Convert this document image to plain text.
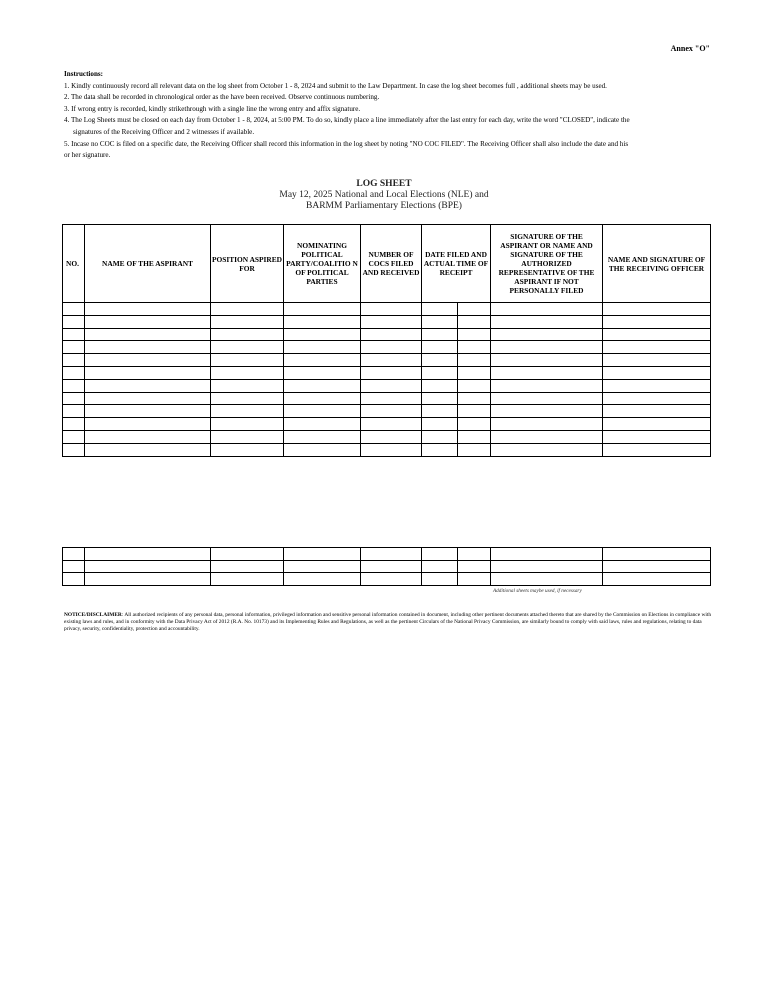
Annex "O"
Instructions:
1. Kindly continuously record all relevant data on the log sheet from October 1 - 8, 2024 and submit to the Law Department. In case the log sheet becomes full , additional sheets may be used.
2. The data shall be recorded in chronological order as the have been received. Observe continuous numbering.
3. If wrong entry is recorded, kindly strikethrough with a single line the wrong entry and affix signature.
4. The Log Sheets must be closed on each day from October 1 - 8, 2024, at 5:00 PM. To do so, kindly place a line immediately after the last entry for each day, write the word "CLOSED", indicate the
signatures of the Receiving Officer and 2 witnesses if available.
5. Incase no COC is filed on a specific date, the Receiving Officer shall record this information in the log sheet by noting "NO COC FILED". The Receiving Officer shall also include the date and his
or her signature.
LOG SHEET
May 12, 2025 National and Local Elections (NLE) and
BARMM Parliamentary Elections (BPE)
NO.	NAME OF THE ASPIRANT	POSITION ASPIRED FOR	NOMINATING POLITICAL PARTY/COALITIO N OF POLITICAL PARTIES	NUMBER OF COCS FILED AND RECEIVED	DATE FILED AND ACTUAL TIME OF RECEIPT		SIGNATURE OF THE ASPIRANT OR NAME AND SIGNATURE OF THE AUTHORIZED REPRESENTATIVE OF THE ASPIRANT IF NOT PERSONALLY FILED	NAME AND SIGNATURE OF THE RECEIVING OFFICER

Additional sheets maybe used, if necessary
NOTICE/DISCLAIMER: All authorized recipients of any personal data, personal information, privileged information and sensitive personal information contained in document, including other pertinent documents attached thereto that are shared by the Commission on Elections in compliance with existing laws and rules, and in conformity with the Data Privacy Act of 2012 (R.A. No. 10173) and its Implementing Rules and Regulations, as well as the pertinent Circulars of the National Privacy Commission, are similarly bound to comply with said laws, rules and regulations, relating to data privacy, security, confidentiality, protection and accountability.
